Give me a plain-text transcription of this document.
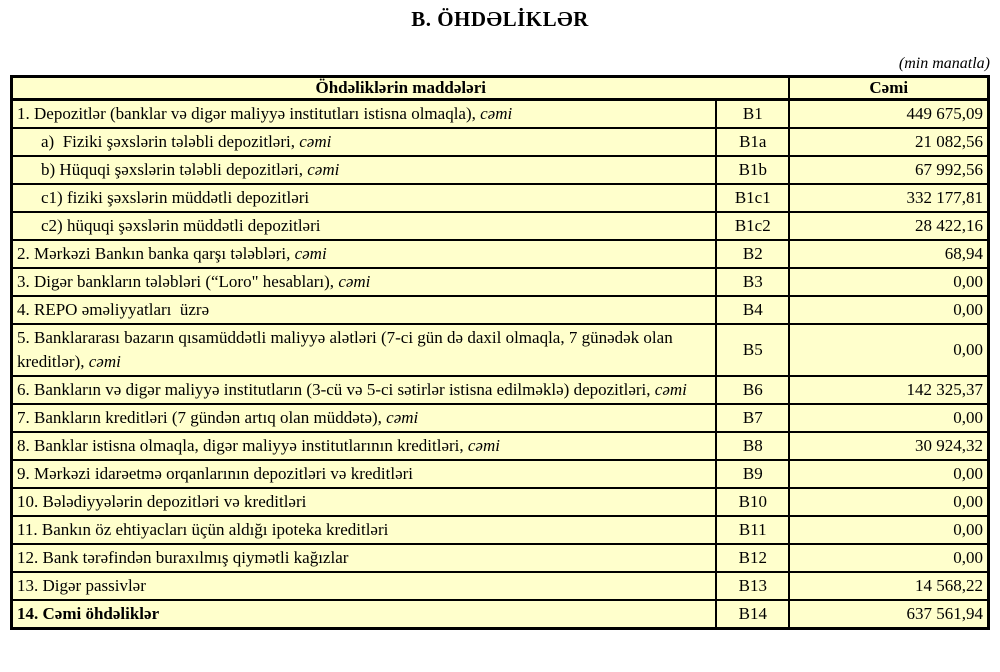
B. ÖHDƏLİKLƏR
(min manatla)
Öhdəliklərin maddələri		Cəmi
1. Depozitlər (banklar və digər maliyyə institutları istisna olmaqla), cəmi	B1	449 675,09
a)  Fiziki şəxslərin tələbli depozitləri, cəmi	B1a	21 082,56
b) Hüquqi şəxslərin tələbli depozitləri, cəmi	B1b	67 992,56
c1) fiziki şəxslərin müddətli depozitləri	B1c1	332 177,81
c2) hüquqi şəxslərin müddətli depozitləri	B1c2	28 422,16
2. Mərkəzi Bankın banka qarşı tələbləri, cəmi	B2	68,94
3. Digər bankların tələbləri (“Loro" hesabları), cəmi	B3	0,00
4. REPO əməliyyatları  üzrə	B4	0,00
5. Banklararası bazarın qısamüddətli maliyyə alətləri (7-ci gün də daxil olmaqla, 7 günədək olan kreditlər), cəmi	B5	0,00
6. Bankların və digər maliyyə institutların (3-cü və 5-ci sətirlər istisna edilməklə) depozitləri, cəmi	B6	142 325,37
7. Bankların kreditləri (7 gündən artıq olan müddətə), cəmi	B7	0,00
8. Banklar istisna olmaqla, digər maliyyə institutlarının kreditləri, cəmi	B8	30 924,32
9. Mərkəzi idarəetmə orqanlarının depozitləri və kreditləri	B9	0,00
10. Bələdiyyələrin depozitləri və kreditləri	B10	0,00
11. Bankın öz ehtiyacları üçün aldığı ipoteka kreditləri	B11	0,00
12. Bank tərəfindən buraxılmış qiymətli kağızlar	B12	0,00
13. Digər passivlər	B13	14 568,22
14. Cəmi öhdəliklər	B14	637 561,94
